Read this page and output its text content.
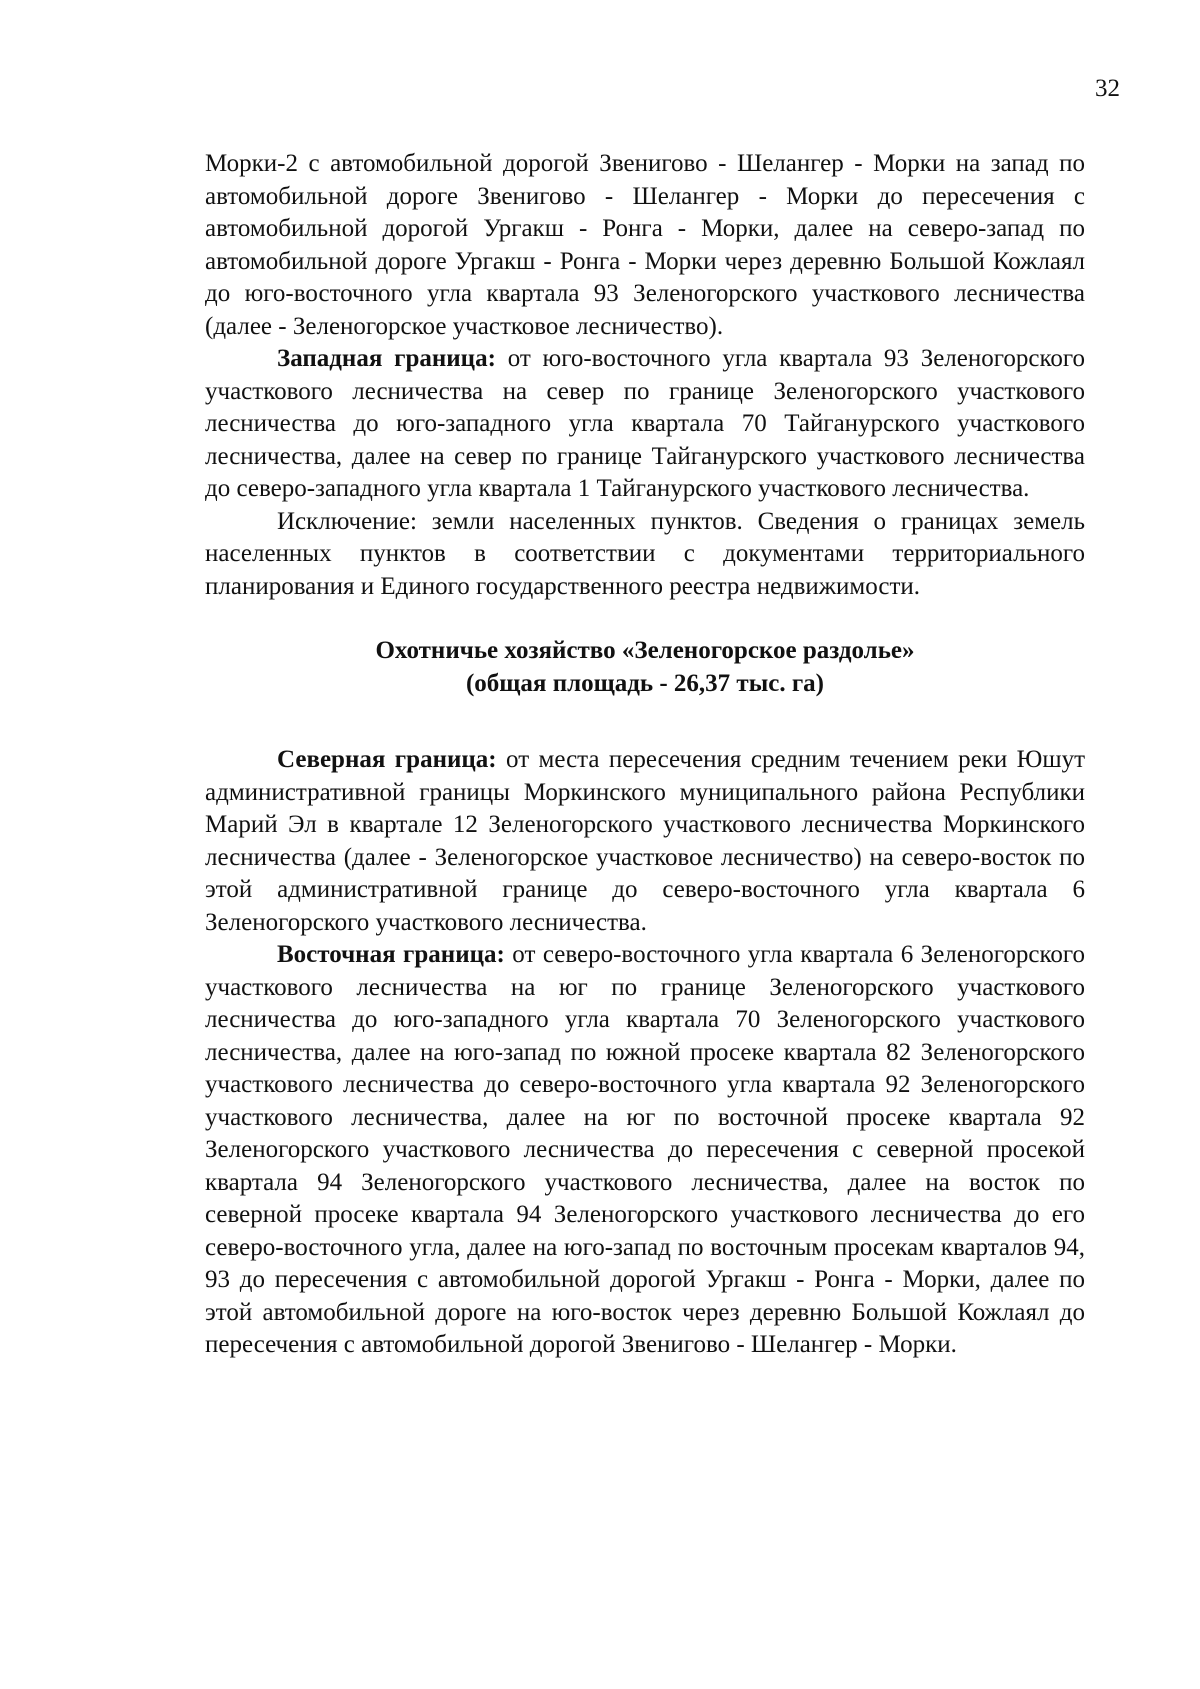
32

Морки-2 с автомобильной дорогой Звенигово - Шелангер - Морки на запад по автомобильной дороге Звенигово - Шелангер - Морки до пересечения с автомобильной дорогой Ургакш - Ронга - Морки, далее на северо-запад по автомобильной дороге Ургакш - Ронга - Морки через деревню Большой Кожлаял до юго-восточного угла квартала 93 Зеленогорского участкового лесничества (далее - Зеленогорское участковое лесничество).

Западная граница: от юго-восточного угла квартала 93 Зеленогорского участкового лесничества на север по границе Зеленогорского участкового лесничества до юго-западного угла квартала 70 Тайганурского участкового лесничества, далее на север по границе Тайганурского участкового лесничества до северо-западного угла квартала 1 Тайганурского участкового лесничества.

Исключение: земли населенных пунктов. Сведения о границах земель населенных пунктов в соответствии с документами территориального планирования и Единого государственного реестра недвижимости.

Охотничье хозяйство «Зеленогорское раздолье»

(общая площадь - 26,37 тыс. га)

Северная граница: от места пересечения средним течением реки Юшут административной границы Моркинского муниципального района Республики Марий Эл в квартале 12 Зеленогорского участкового лесничества Моркинского лесничества (далее - Зеленогорское участковое лесничество) на северо-восток по этой административной границе до северо-восточного угла квартала 6 Зеленогорского участкового лесничества.

Восточная граница: от северо-восточного угла квартала 6 Зеленогорского участкового лесничества на юг по границе Зеленогорского участкового лесничества до юго-западного угла квартала 70 Зеленогорского участкового лесничества, далее на юго-запад по южной просеке квартала 82 Зеленогорского участкового лесничества до северо-восточного угла квартала 92 Зеленогорского участкового лесничества, далее на юг по восточной просеке квартала 92 Зеленогорского участкового лесничества до пересечения с северной просекой квартала 94 Зеленогорского участкового лесничества, далее на восток по северной просеке квартала 94 Зеленогорского участкового лесничества до его северо-восточного угла, далее на юго-запад по восточным просекам кварталов 94, 93 до пересечения с автомобильной дорогой Ургакш - Ронга - Морки, далее по этой автомобильной дороге на юго-восток через деревню Большой Кожлаял до пересечения с автомобильной дорогой Звенигово - Шелангер - Морки.
